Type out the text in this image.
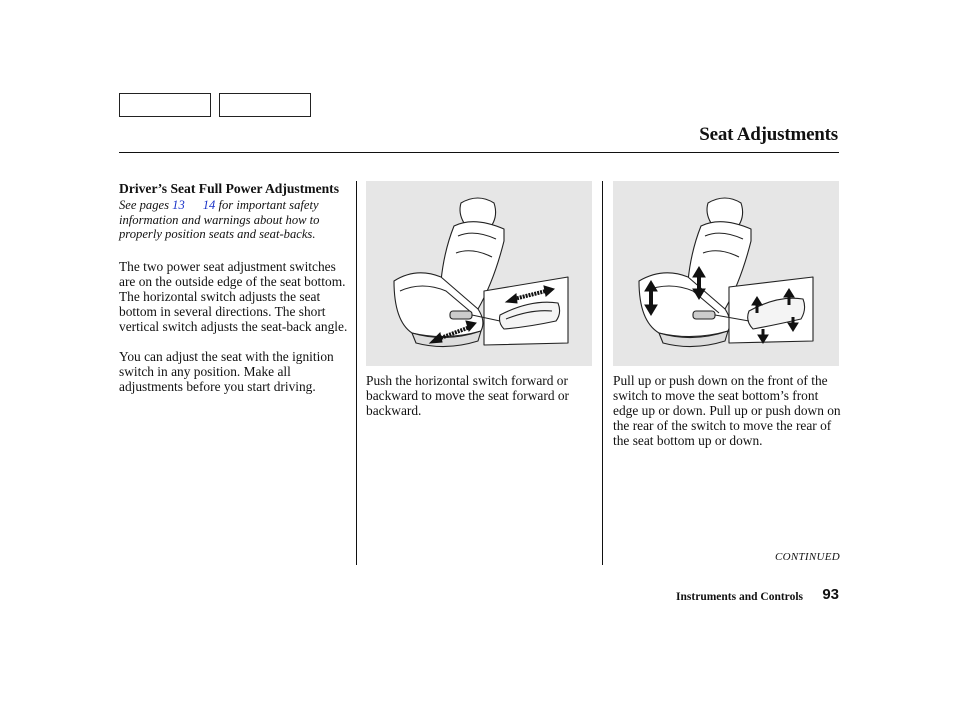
Seat Adjustments
Driver’s Seat Full Power Adjustments
See pages 13 14 for important safety information and warnings about how to properly position seats and seat-backs.

The two power seat adjustment switches are on the outside edge of the seat bottom. The horizontal switch adjusts the seat bottom in several directions. The short vertical switch adjusts the seat-back angle.

You can adjust the seat with the ignition switch in any position. Make all adjustments before you start driving.	Push the horizontal switch forward or backward to move the seat forward or backward.
Pull up or push down on the front of the switch to move the seat bottom’s front edge up or down. Pull up or push down on the rear of the switch to move the rear of the seat bottom up or down.
CONTINUED
Instruments and Controls 93
